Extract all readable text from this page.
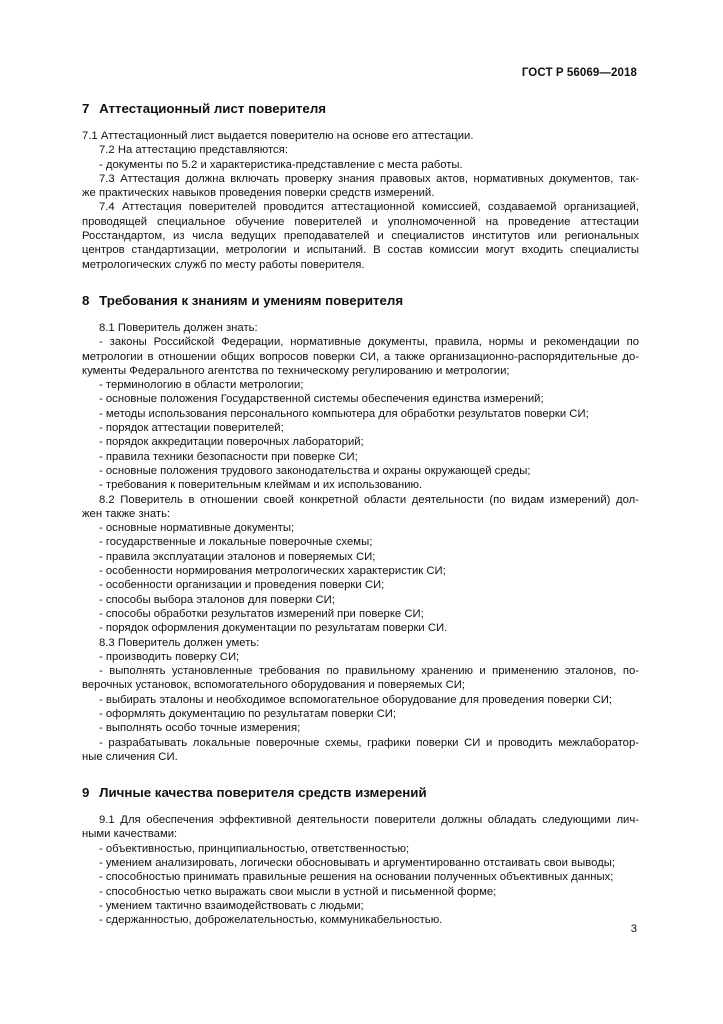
ГОСТ Р 56069—2018
7 Аттестационный лист поверителя

7.1 Аттестационный лист выдается поверителю на основе его аттестации.

7.2 На аттестацию представляются:

- документы по 5.2 и характеристика-представление с места работы.

7.3 Аттестация должна включать проверку знания правовых актов, нормативных документов, так-

же практических навыков проведения поверки средств измерений.

7.4 Аттестация поверителей проводится аттестационной комиссией, создаваемой организацией,

проводящей специальное обучение поверителей и уполномоченной на проведение аттестации

Росстандартом, из числа ведущих преподавателей и специалистов институтов или региональных

центров стандартизации, метрологии и испытаний. В состав комиссии могут входить специалисты

метрологических служб по месту работы поверителя.

8 Требования к знаниям и умениям поверителя

8.1 Поверитель должен знать:

- законы Российской Федерации, нормативные документы, правила, нормы и рекомендации по

метрологии в отношении общих вопросов поверки СИ, а также организационно-распорядительные до-

кументы Федерального агентства по техническому регулированию и метрологии;

- терминологию в области метрологии;

- основные положения Государственной системы обеспечения единства измерений;

- методы использования персонального компьютера для обработки результатов поверки СИ;

- порядок аттестации поверителей;

- порядок аккредитации поверочных лабораторий;

- правила техники безопасности при поверке СИ;

- основные положения трудового законодательства и охраны окружающей среды;

- требования к поверительным клеймам и их использованию.

8.2 Поверитель в отношении своей конкретной области деятельности (по видам измерений) дол-

жен также знать:

- основные нормативные документы;

- государственные и локальные поверочные схемы;

- правила эксплуатации эталонов и поверяемых СИ;

- особенности нормирования метрологических характеристик СИ;

- особенности организации и проведения поверки СИ;

- способы выбора эталонов для поверки СИ;

- способы обработки результатов измерений при поверке СИ;

- порядок оформления документации по результатам поверки СИ.

8.3 Поверитель должен уметь:

- производить поверку СИ;

- выполнять установленные требования по правильному хранению и применению эталонов, по-

верочных установок, вспомогательного оборудования и поверяемых СИ;

- выбирать эталоны и необходимое вспомогательное оборудование для проведения поверки СИ;

- оформлять документацию по результатам поверки СИ;

- выполнять особо точные измерения;

- разрабатывать локальные поверочные схемы, графики поверки СИ и проводить межлаборатор-

ные сличения СИ.

9 Личные качества поверителя средств измерений

9.1 Для обеспечения эффективной деятельности поверители должны обладать следующими лич-

ными качествами:

- объективностью, принципиальностью, ответственностью;

- умением анализировать, логически обосновывать и аргументированно отстаивать свои выводы;

- способностью принимать правильные решения на основании полученных объективных данных;

- способностью четко выражать свои мысли в устной и письменной форме;

- умением тактично взаимодействовать с людьми;

- сдержанностью, доброжелательностью, коммуникабельностью.

3
